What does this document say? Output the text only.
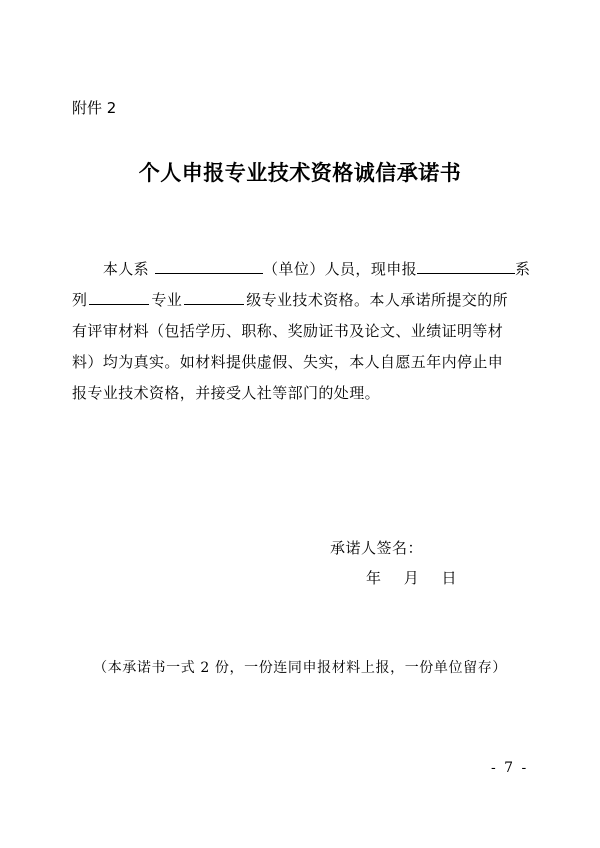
附件 2
个人申报专业技术资格诚信承诺书
  本人系	（单位）人员，现申报	系
列	专业	级专业技术资格。本人承诺所提交的所
有评审材料（包括学历、职称、奖励证书及论文、业绩证明等材
料）均为真实。如材料提供虚假、失实，本人自愿五年内停止申
报专业技术资格，并接受人社等部门的处理。
承诺人签名：
年 月 日
（本承诺书一式 2 份，一份连同申报材料上报，一份单位留存）
- 7 -
